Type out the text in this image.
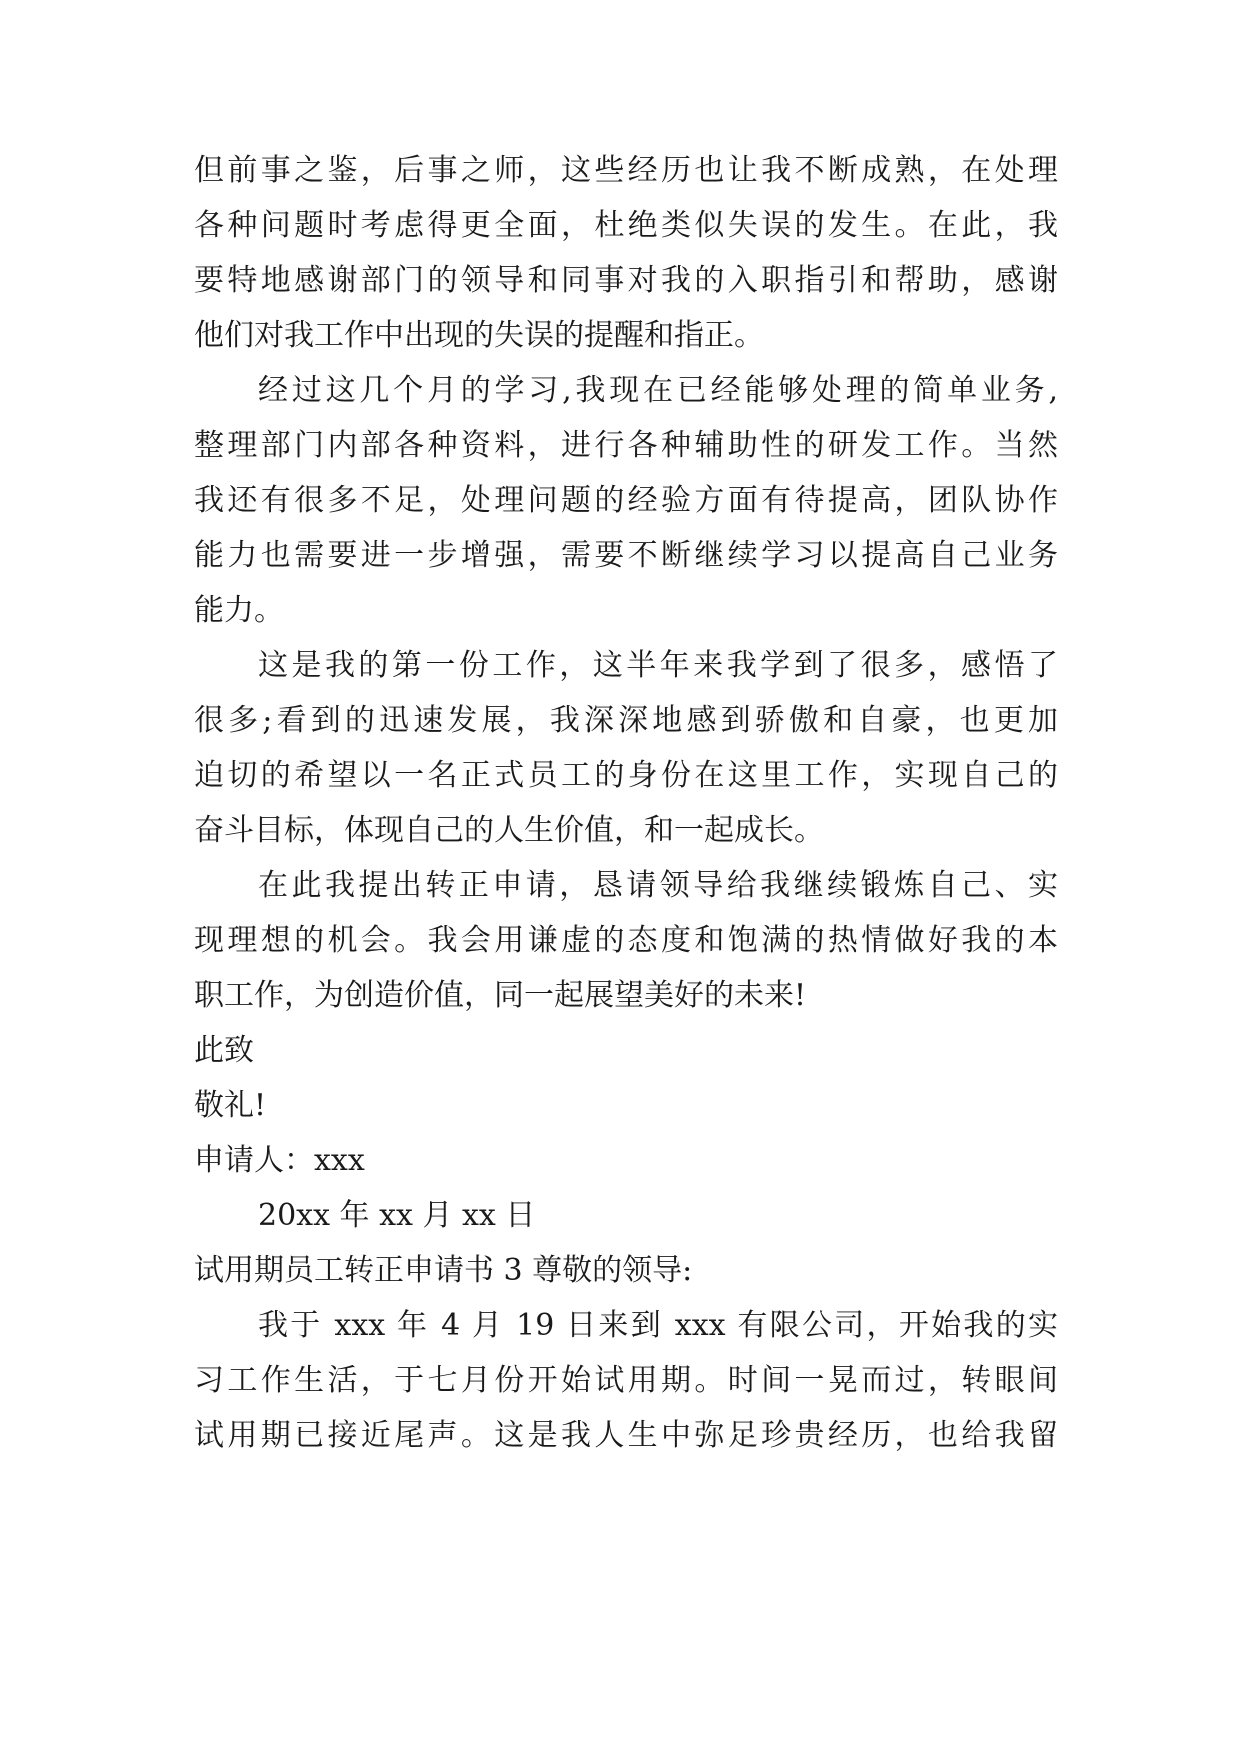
但前事之鉴，后事之师，这些经历也让我不断成熟，在处理
各种问题时考虑得更全面，杜绝类似失误的发生。在此，我
要特地感谢部门的领导和同事对我的入职指引和帮助，感谢
他们对我工作中出现的失误的提醒和指正。
经过这几个月的学习,我现在已经能够处理的简单业务,
整理部门内部各种资料，进行各种辅助性的研发工作。当然
我还有很多不足，处理问题的经验方面有待提高，团队协作
能力也需要进一步增强，需要不断继续学习以提高自己业务
能力。
这是我的第一份工作，这半年来我学到了很多，感悟了
很多;看到的迅速发展，我深深地感到骄傲和自豪，也更加
迫切的希望以一名正式员工的身份在这里工作，实现自己的
奋斗目标，体现自己的人生价值，和一起成长。
在此我提出转正申请，恳请领导给我继续锻炼自己、实
现理想的机会。我会用谦虚的态度和饱满的热情做好我的本
职工作，为创造价值，同一起展望美好的未来!
此致
敬礼!
申请人：xxx
20xx 年 xx 月 xx 日
试用期员工转正申请书 3 尊敬的领导:
我于 xxx 年 4 月 19 日来到 xxx 有限公司，开始我的实
习工作生活，于七月份开始试用期。时间一晃而过，转眼间
试用期已接近尾声。这是我人生中弥足珍贵经历，也给我留
